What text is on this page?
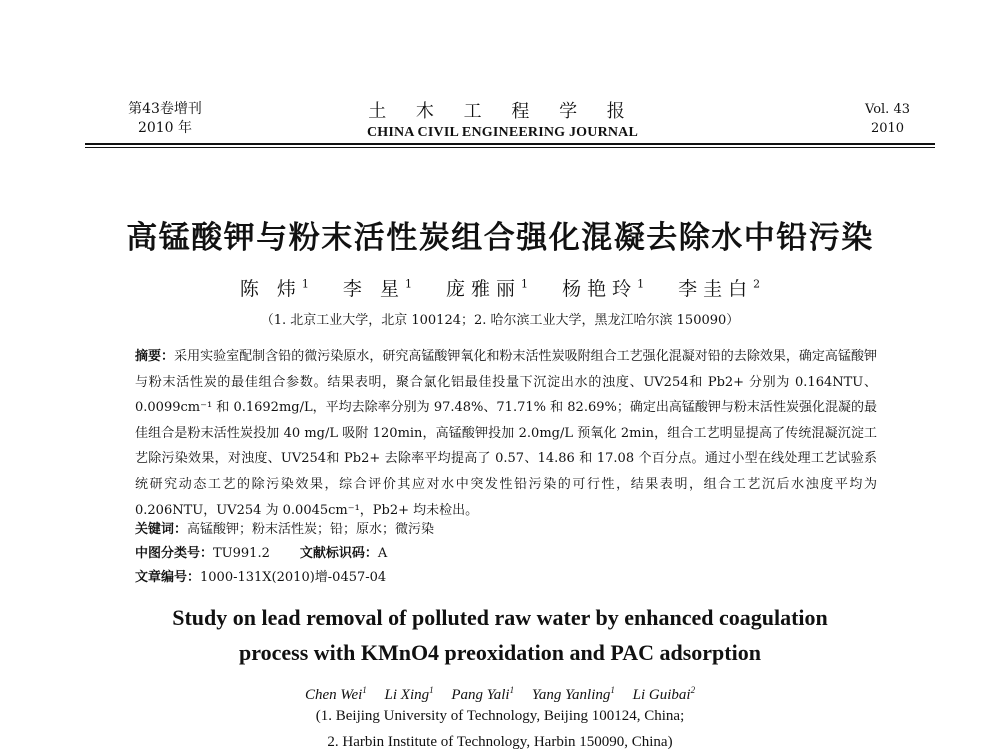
第43卷增刊
2010 年
土 木 工 程 学 报
CHINA CIVIL ENGINEERING JOURNAL
Vol. 43
2010
高锰酸钾与粉末活性炭组合强化混凝去除水中铅污染
陈 炜$^1$ 李 星$^1$ 庞雅丽$^1$ 杨艳玲$^1$ 李圭白$^2$
（1. 北京工业大学，北京 100124；2. 哈尔滨工业大学，黑龙江哈尔滨 150090）
摘要：采用实验室配制含铅的微污染原水，研究高锰酸钾氧化和粉末活性炭吸附组合工艺强化混凝对铅的去除效果，确定高锰酸钾与粉末活性炭的最佳组合参数。结果表明，聚合氯化铝最佳投量下沉淀出水的浊度、UV254和 Pb2+ 分别为 0.164NTU、0.0099cm⁻¹ 和 0.1692mg/L，平均去除率分别为 97.48%、71.71% 和 82.69%；确定出高锰酸钾与粉末活性炭强化混凝的最佳组合是粉末活性炭投加 40 mg/L 吸附 120min，高锰酸钾投加 2.0mg/L 预氧化 2min，组合工艺明显提高了传统混凝沉淀工艺除污染效果，对浊度、UV254和 Pb2+ 去除率平均提高了 0.57、14.86 和 17.08 个百分点。通过小型在线处理工艺试验系统研究动态工艺的除污染效果，综合评价其应对水中突发性铅污染的可行性，结果表明，组合工艺沉后水浊度平均为 0.206NTU，UV254 为 0.0045cm⁻¹，Pb2+ 均未检出。
关键词：高锰酸钾；粉末活性炭；铅；原水；微污染
中图分类号：TU991.2 文献标识码：A
文章编号：1000-131X(2010)增-0457-04
Study on lead removal of polluted raw water by enhanced coagulation
process with KMnO4 preoxidation and PAC adsorption
Chen Wei$^1$ Li Xing$^1$ Pang Yali$^1$ Yang Yanling$^1$ Li Guibai$^2$
(1. Beijing University of Technology, Beijing 100124, China;
2. Harbin Institute of Technology, Harbin 150090, China)
